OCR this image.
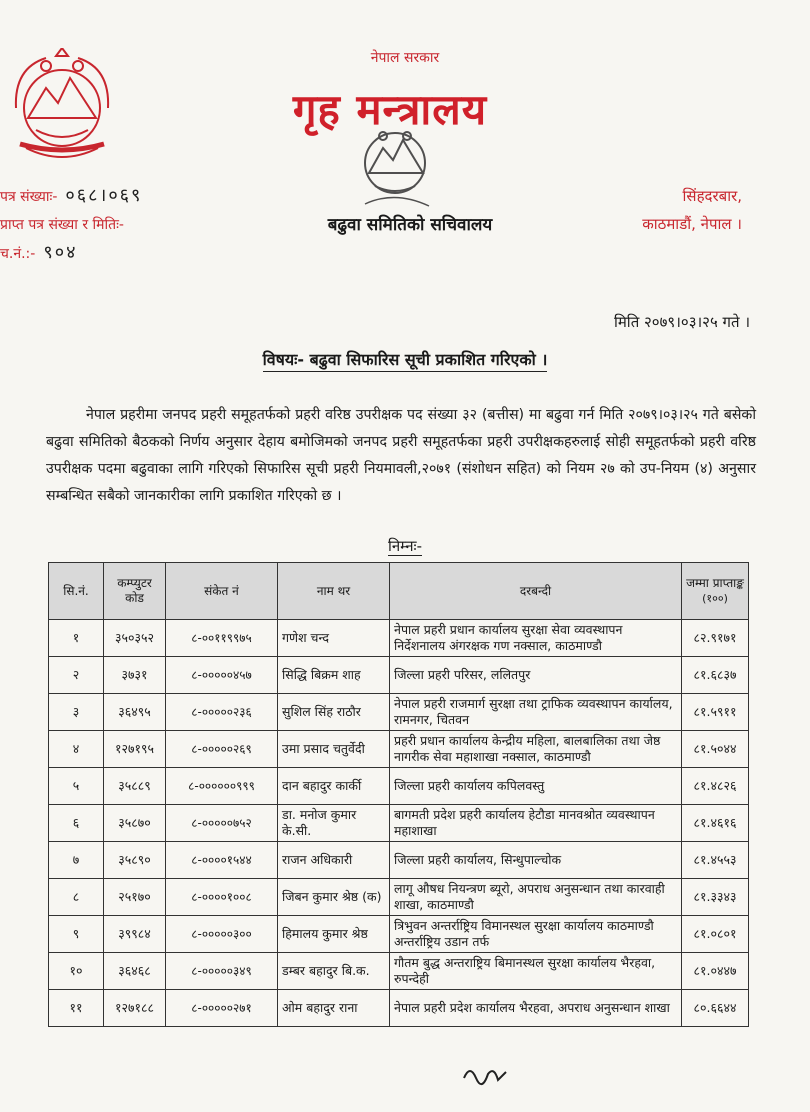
नेपाल सरकार
गृह मन्त्रालय
बढुवा समितिको सचिवालय
पत्र संख्याः- ०६८।०६९
प्राप्त पत्र संख्या र मितिः-
च.नं.:- ९०४
सिंहदरबार,
काठमाडौं, नेपाल ।
मिति २०७९।०३।२५ गते ।
विषयः- बढुवा सिफारिस सूची प्रकाशित गरिएको ।
नेपाल प्रहरीमा जनपद प्रहरी समूहतर्फको प्रहरी वरिष्ठ उपरीक्षक पद संख्या ३२ (बत्तीस) मा बढुवा गर्न मिति २०७९।०३।२५ गते बसेको बढुवा समितिको बैठकको निर्णय अनुसार देहाय बमोजिमको जनपद प्रहरी समूहतर्फका प्रहरी उपरीक्षकहरुलाई सोही समूहतर्फको प्रहरी वरिष्ठ उपरीक्षक पदमा बढुवाका लागि गरिएको सिफारिस सूची प्रहरी नियमावली,२०७१ (संशोधन सहित) को नियम २७ को उप-नियम (४) अनुसार सम्बन्धित सबैको जानकारीका लागि प्रकाशित गरिएको छ ।
निम्नः-
सि.नं.	कम्प्युटर कोड	संकेत नं	नाम थर	दरबन्दी	जम्मा प्राप्ताङ्क
(१००)
१	३५०३५२	८-००११९९७५	गणेश चन्द	नेपाल प्रहरी प्रधान कार्यालय सुरक्षा सेवा व्यवस्थापन निर्देशनालय अंगरक्षक गण नक्साल, काठमाण्डौ	८२.९१७१
२	३७३१	८-०००००४५७	सिद्धि बिक्रम शाह	जिल्ला प्रहरी परिसर, ललितपुर	८१.६८३७
३	३६४९५	८-०००००२३६	सुशिल सिंह राठौर	नेपाल प्रहरी राजमार्ग सुरक्षा तथा ट्राफिक व्यवस्थापन कार्यालय, रामनगर, चितवन	८१.५९११
४	१२७१९५	८-०००००२६९	उमा प्रसाद चतुर्वेदी	प्रहरी प्रधान कार्यालय केन्द्रीय महिला, बालबालिका तथा जेष्ठ नागरीक सेवा महाशाखा नक्साल, काठमाण्डौ	८१.५०४४
५	३५८८९	८-००००००९९९	दान बहादुर कार्की	जिल्ला प्रहरी कार्यालय कपिलवस्तु	८१.४८२६
६	३५८७०	८-०००००७५२	डा. मनोज कुमार के.सी.	बागमती प्रदेश प्रहरी कार्यालय हेटौडा मानवश्रोत व्यवस्थापन महाशाखा	८१.४६१६
७	३५८९०	८-००००१५४४	राजन अधिकारी	जिल्ला प्रहरी कार्यालय, सिन्धुपाल्चोक	८१.४५५३
८	२५१७०	८-००००१००८	जिबन कुमार श्रेष्ठ (क)	लागू औषध नियन्त्रण ब्यूरो, अपराध अनुसन्धान तथा कारवाही शाखा, काठमाण्डौ	८१.३३४३
९	३९९८४	८-०००००३००	हिमालय कुमार श्रेष्ठ	त्रिभुवन अन्तर्राष्ट्रिय विमानस्थल सुरक्षा कार्यालय काठमाण्डौ अन्तर्राष्ट्रिय उडान तर्फ	८१.०८०१
१०	३६४६८	८-०००००३४९	डम्बर बहादुर बि.क.	गौतम बुद्ध अन्तराष्ट्रिय बिमानस्थल सुरक्षा कार्यालय भैरहवा, रुपन्देही	८१.०४४७
११	१२७१८८	८-०००००२७१	ओम बहादुर राना	नेपाल प्रहरी प्रदेश कार्यालय भैरहवा, अपराध अनुसन्धान शाखा	८०.६६४४
